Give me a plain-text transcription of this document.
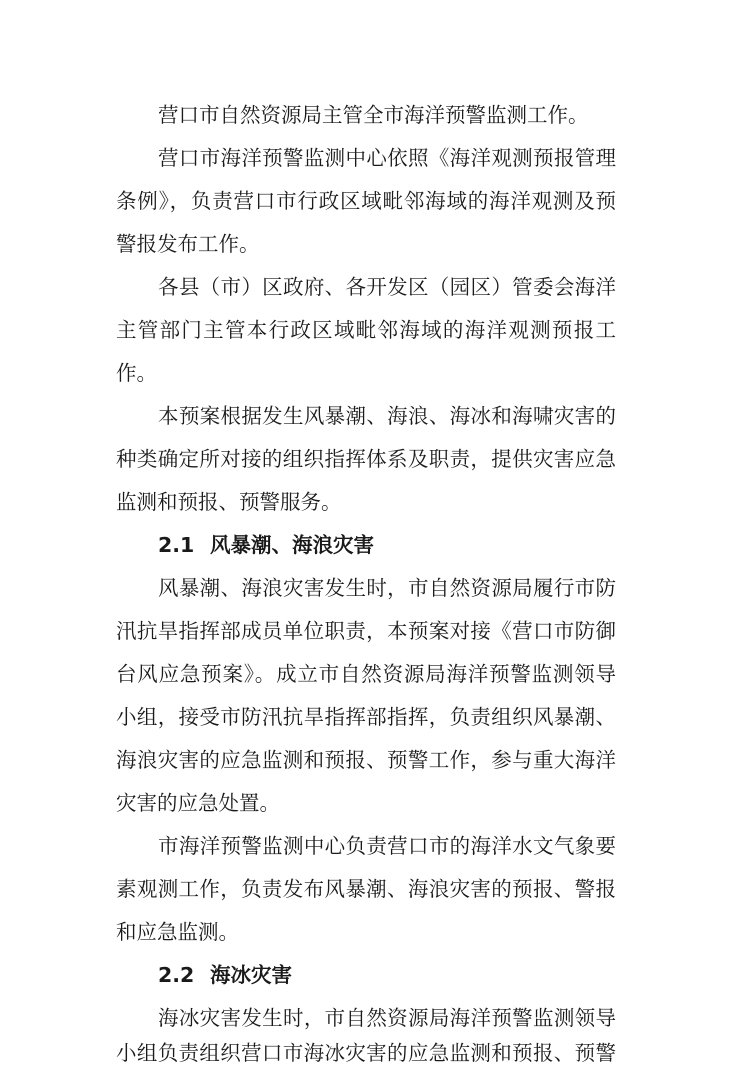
营口市自然资源局主管全市海洋预警监测工作。
营口市海洋预警监测中心依照《海洋观测预报管理
条例》，负责营口市行政区域毗邻海域的海洋观测及预
警报发布工作。
各县（市）区政府、各开发区（园区）管委会海洋
主管部门主管本行政区域毗邻海域的海洋观测预报工
作。
本预案根据发生风暴潮、海浪、海冰和海啸灾害的
种类确定所对接的组织指挥体系及职责，提供灾害应急
监测和预报、预警服务。
2.1 风暴潮、海浪灾害
风暴潮、海浪灾害发生时，市自然资源局履行市防
汛抗旱指挥部成员单位职责，本预案对接《营口市防御
台风应急预案》。成立市自然资源局海洋预警监测领导
小组，接受市防汛抗旱指挥部指挥，负责组织风暴潮、
海浪灾害的应急监测和预报、预警工作，参与重大海洋
灾害的应急处置。
市海洋预警监测中心负责营口市的海洋水文气象要
素观测工作，负责发布风暴潮、海浪灾害的预报、警报
和应急监测。
2.2 海冰灾害
海冰灾害发生时，市自然资源局海洋预警监测领导
小组负责组织营口市海冰灾害的应急监测和预报、预警
